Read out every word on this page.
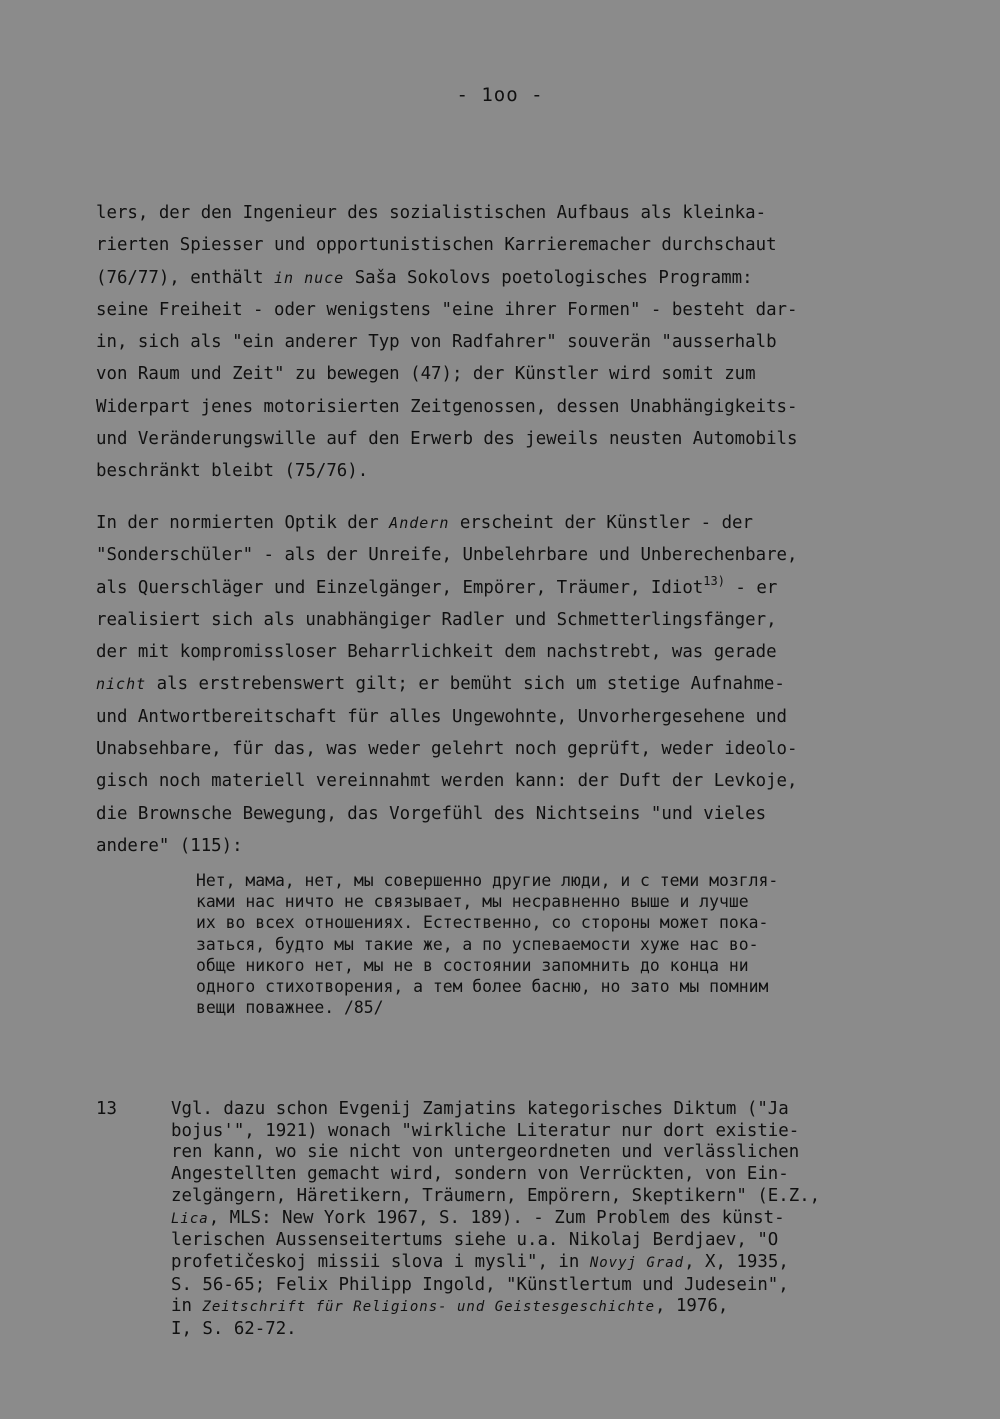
- 1oo -

lers, der den Ingenieur des sozialistischen Aufbaus als kleinka-
rierten Spiesser und opportunistischen Karrieremacher durchschaut
(76/77), enthält in nuce Saša Sokolovs poetologisches Programm:
seine Freiheit - oder wenigstens "eine ihrer Formen" - besteht dar-
in, sich als "ein anderer Typ von Radfahrer" souverän "ausserhalb
von Raum und Zeit" zu bewegen (47); der Künstler wird somit zum
Widerpart jenes motorisierten Zeitgenossen, dessen Unabhängigkeits-
und Veränderungswille auf den Erwerb des jeweils neusten Automobils
beschränkt bleibt (75/76).

In der normierten Optik der Andern erscheint der Künstler - der
"Sonderschüler" - als der Unreife, Unbelehrbare und Unberechenbare,
als Querschläger und Einzelgänger, Empörer, Träumer, Idiot$^{13)}$ - er
realisiert sich als unabhängiger Radler und Schmetterlingsfänger,
der mit kompromissloser Beharrlichkeit dem nachstrebt, was gerade
nicht als erstrebenswert gilt; er bemüht sich um stetige Aufnahme-
und Antwortbereitschaft für alles Ungewohnte, Unvorhergesehene und
Unabsehbare, für das, was weder gelehrt noch geprüft, weder ideolo-
gisch noch materiell vereinnahmt werden kann: der Duft der Levkoje,
die Brownsche Bewegung, das Vorgefühl des Nichtseins "und vieles
andere" (115):

Нет, мама, нет, мы совершенно другие люди, и с теми мозгля-
ками нас ничто не связывает, мы несравненно выше и лучше
их во всех отношениях. Естественно, со стороны может пока-
заться, будто мы такие же, а по успеваемости хуже нас во-
обще никого нет, мы не в состоянии запомнить до конца ни
одного стихотворения, а тем более басню, но зато мы помним
вещи поважнее. /85/

13	Vgl. dazu schon Evgenij Zamjatins kategorisches Diktum ("Ja
bojus'", 1921) wonach "wirkliche Literatur nur dort existie-
ren kann, wo sie nicht von untergeordneten und verlässlichen
Angestellten gemacht wird, sondern von Verrückten, von Ein-
zelgängern, Häretikern, Träumern, Empörern, Skeptikern" (E.Z.,
Lica, MLS: New York 1967, S. 189). - Zum Problem des künst-
lerischen Aussenseitertums siehe u.a. Nikolaj Berdjaev, "O
profetičeskoj missii slova i mysli", in Novyj Grad, X, 1935,
S. 56-65; Felix Philipp Ingold, "Künstlertum und Judesein",
in Zeitschrift für Religions- und Geistesgeschichte, 1976,
I, S. 62-72.
